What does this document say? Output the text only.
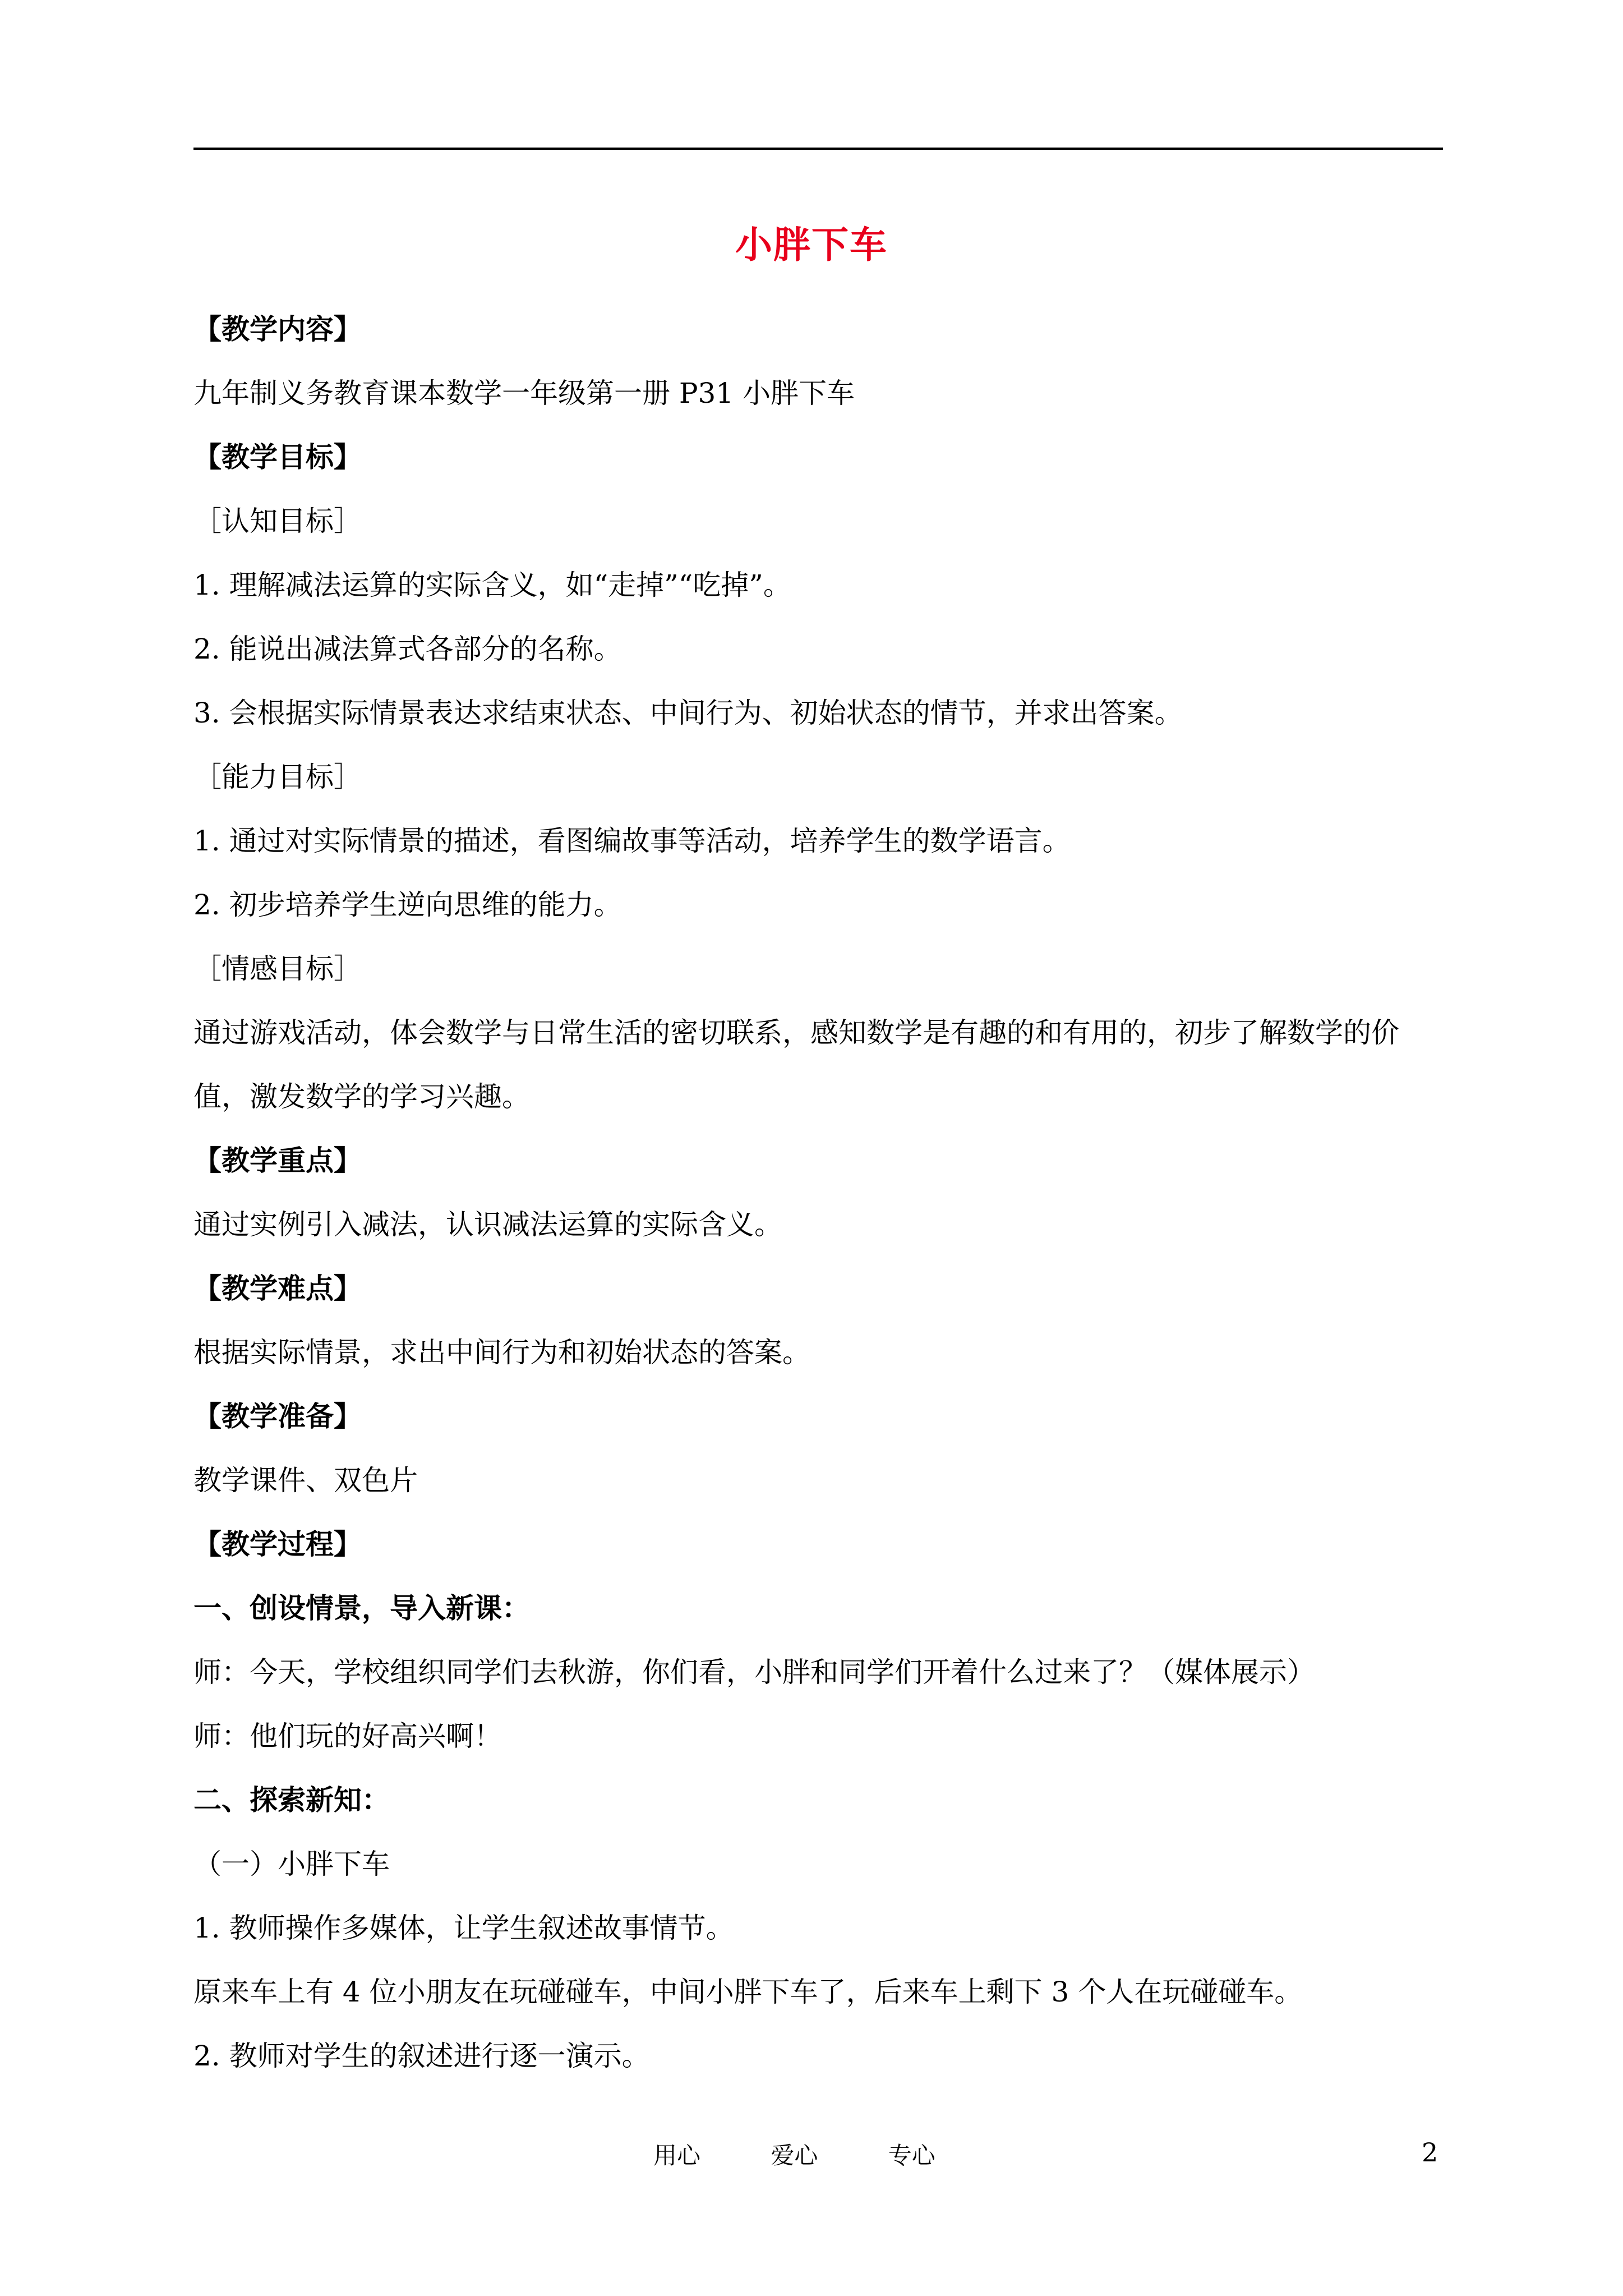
小胖下车
【教学内容】
九年制义务教育课本数学一年级第一册 P31 小胖下车
【教学目标】
［认知目标］
1. 理解减法运算的实际含义，如“走掉”“吃掉”。
2. 能说出减法算式各部分的名称。
3. 会根据实际情景表达求结束状态、中间行为、初始状态的情节，并求出答案。
［能力目标］
1. 通过对实际情景的描述，看图编故事等活动，培养学生的数学语言。
2. 初步培养学生逆向思维的能力。
［情感目标］
通过游戏活动，体会数学与日常生活的密切联系，感知数学是有趣的和有用的，初步了解数学的价
值，激发数学的学习兴趣。
【教学重点】
通过实例引入减法，认识减法运算的实际含义。
【教学难点】
根据实际情景，求出中间行为和初始状态的答案。
【教学准备】
教学课件、双色片
【教学过程】
一、创设情景，导入新课：
师：今天，学校组织同学们去秋游，你们看，小胖和同学们开着什么过来了？（媒体展示）
师：他们玩的好高兴啊！
二、探索新知：
（一）小胖下车
1. 教师操作多媒体，让学生叙述故事情节。
原来车上有 4 位小朋友在玩碰碰车，中间小胖下车了，后来车上剩下 3 个人在玩碰碰车。
2. 教师对学生的叙述进行逐一演示。
用心	爱心	专心	2
